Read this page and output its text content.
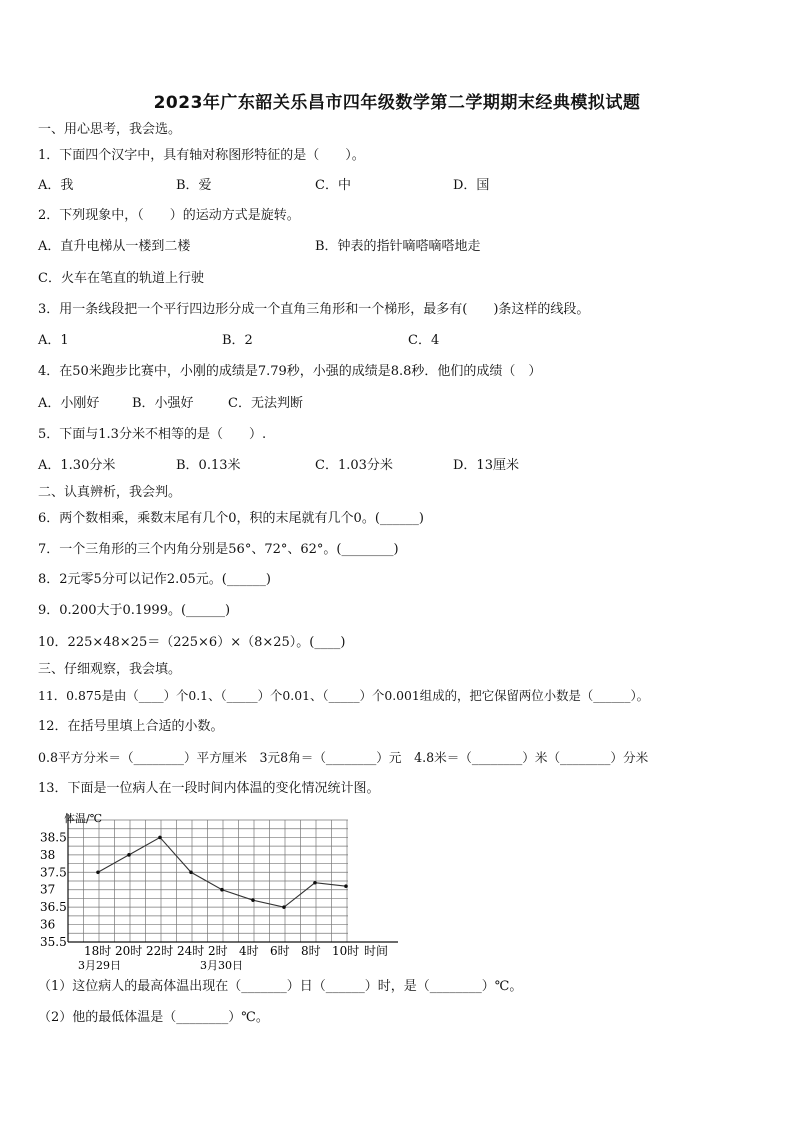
2023年广东韶关乐昌市四年级数学第二学期期末经典模拟试题
一、用心思考，我会选。
1．下面四个汉字中，具有轴对称图形特征的是（　　）。
A．我	B．爱	C．中	D．国
2．下列现象中，（　　）的运动方式是旋转。
A．直升电梯从一楼到二楼	B．钟表的指针嘀嗒嘀嗒地走
C．火车在笔直的轨道上行驶
3．用一条线段把一个平行四边形分成一个直角三角形和一个梯形，最多有(　　)条这样的线段。
A．1	B．2	C．4
4．在50米跑步比赛中，小刚的成绩是7.79秒，小强的成绩是8.8秒．他们的成绩（　）
A．小刚好	B．小强好	C．无法判断
5．下面与1.3分米不相等的是（　　）.
A．1.30分米	B．0.13米	C．1.03分米	D．13厘米
二、认真辨析，我会判。
6．两个数相乘，乘数末尾有几个0，积的末尾就有几个0。(______)
7．一个三角形的三个内角分别是56°、72°、62°。(________)
8．2元零5分可以记作2.05元。(______)
9．0.200大于0.1999。(______)
10．225×48×25＝（225×6）×（8×25）。(____)
三、仔细观察，我会填。
11．0.875是由（____）个0.1、（_____）个0.01、（_____）个0.001组成的，把它保留两位小数是（______）。
12．在括号里填上合适的小数。
0.8平方分米＝（________）平方厘米　3元8角＝（________）元　4.8米＝（________）米（________）分米
13．下面是一位病人在一段时间内体温的变化情况统计图。
35.5
36
36.5
37
37.5
38
38.5
体温/℃
18时 20时 22时 24时 2时 4时 6时 8时 10时 时间
3月29日	3月30日
（1）这位病人的最高体温出现在（_______）日（______）时，是（________）℃。
（2）他的最低体温是（________）℃。
